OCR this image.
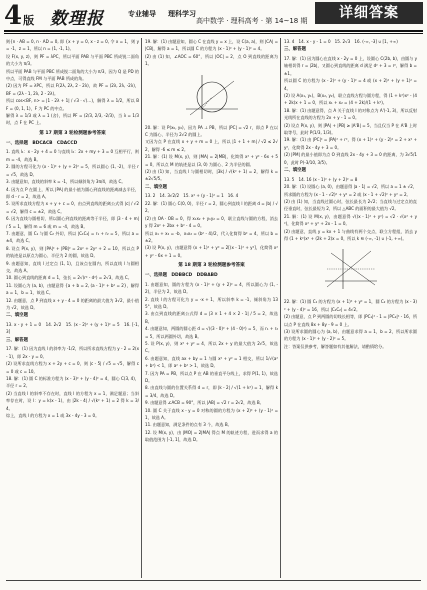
4版 数理报	专业辅导 理科学习
高中数学 · 理科高考 · 第 14~18 期	详细答案
则{n · AB = 0, n · AD = 0, 即 {x + y = 0, x - z = 0, 令 x = 1，则 y = -1，z = 1，所以 n = (1, -1, 1)。
设 F(x, y, z)，则 PF = λPC，所以平面 PAB 与平面 PBC 所成锐二面角的大小为 π/3。
所以平面 PAB 与平面 PBC 所成锐二面角的大小为 π/3，因为 Q 是 PD 的中点，可得直线 FM 与平面 PAB 所成的角。
(2) 因为 PF = λPC，所以 F(2λ, 2λ, 2 - 2λ)，故 PF = (2λ, 2λ, -2λ)，BF = (2λ - 1, 2λ, 2 - 2λ)。
所以 cos<BF, n> = |1 - 2λ + 1| / √3 · √(…)，解得 λ = 1/2，所以 BF = (0, 1, 1)，F 为 PC 的中点。
解得 λ = 1/3 或 λ = 1 (舍)，所以 PF = (2/3, 2/3, -2/3)，当 λ = 1/3 时，点 F 在 PC 上。
第 17 期第 3 轮检测题参考答案
一、选择题　BDCACB　CDACCD
1. 直线 l₁：x - 2y + 4 = 0 与直线 l₂：2x + my + 3 = 0 互相平行，则 m = -4，故选 B。
2. 圆的方程可化为 (x - 1)² + (y + 2)² = 5，所以圆心 (1, -2)，半径 r = √5，故选 D。
3. 由题意知，直线的斜率 k = -1，所以倾斜角为 3π/4，故选 C。
4. 因为点 P 在圆上，所以 |PA| 的最小值为圆心到直线的距离减去半径，即 d - r = 2，故选 A。
5. 设所求直线方程为 x + y + c = 0，由点到直线的距离公式得 |c| / √2 = √2，解得 c = ±2，故选 C。
6. 因为直线与圆相切，所以圆心到直线的距离等于半径，即 |3 - 4 + m| / 5 = 1，解得 m = 6 或 m = -4，故选 B。
7. 由题意，圆 C₁ 与圆 C₂ 外切，所以 |C₁C₂| = r₁ + r₂ = 5，所以 a = ±4，故选 C。
8. 设点 P(x, y)，则 |PA|² + |PB|² = 2x² + 2y² + 2 = 10，所以点 P 的轨迹是以原点为圆心、半径为 2 的圆，故选 D。
9. 由题意知，直线 l 过定点 (1, 1)，且该点在圆内，所以直线 l 与圆相交，故选 A。
10. 圆心到直线的距离 d = 1，弦长 = 2√(r² - d²) = 2√3，故选 C。
11. 设圆心为 (a, b)，由题意得 {a + b = 2, (a - 1)² + b² = 2}，解得 a = 1，b = 1，故选 C。
12. 由题意，点 P 到直线 x + y - 4 = 0 的距离的最大值为 3√2，最小值为 √2，故选 D。
二、填空题
13. x - y + 1 = 0　14. 2√2　15. (x - 2)² + (y + 1)² = 5　16. [-1, 3]
三、解答题
17. 解：(1) 因为直线 l 的斜率为 -1/2，所以所求直线方程为 y - 2 = 2(x - 1)，即 2x - y = 0。
(2) 设所求直线方程为 x + 2y + c = 0，则 |c - 5| / √5 = √5，解得 c = 0 或 c = 10。
18. 解：(1) 圆 C 的标准方程为 (x - 3)² + (y - 4)² = 4，圆心 C(3, 4)，半径 r = 2。
(2) 当直线 l 的斜率不存在时，直线 l 的方程为 x = 1，满足题意；当斜率存在时，设 l：y = k(x - 1)，由 |2k - 4| / √(k² + 1) = 2 得 k = 3/4。
综上，直线 l 的方程为 x = 1 或 3x - 4y - 3 = 0。
19. 解：(1) 由题意知，圆心 C 在直线 y = x 上，设 C(a, a)，则 |CA| = |CB|，解得 a = 1，所以圆 C 的方程为 (x - 1)² + (y - 1)² = 4。
(2) 由 (1) 知，∠AOC = 60°，所以 |OC| = 2，点 O 到直线的距离为 1。
20. 解：设 P(x₀, y₀)，因为 PA ⊥ PB，所以 |PC| = √2 r，即点 P 在以 C 为圆心、半径为 2√2 的圆上。
又因为点 P 在直线 x + y + m = 0 上，所以 |1 + 1 + m| / √2 ≤ 2√2，解得 -6 ≤ m ≤ 2。
21. 解：(1) 设 M(x, y)，则 |MA| = 2|MB|，化简得 x² + y² - 6x + 5 = 0，所以点 M 的轨迹是以 (3, 0) 为圆心、2 为半径的圆。
(2) 由 (1) 知，当直线 l 与圆相切时，|3k| / √(k² + 1) = 2，解得 k = ±2√5/5。
二、填空题
13. 2　14. 3√2/2　15. x² + (y - 1)² = 1　16. 4
22. 解：(1) 圆心 C(0, 0)，半径 r = 2，圆心到直线 l 的距离 d = |b| / √2。
(2) 由 OA · OB = 0，得 x₁x₂ + y₁y₂ = 0，联立直线与圆的方程，消去 y 得 2x² + 2bx + b² - 4 = 0。
所以 x₁ + x₂ = -b，x₁x₂ = (b² - 4)/2，代入化简得 b² = 4，所以 b = ±2。
(3) 设 P(x, y)，由题意得 (x + 1)² + y² = 2[(x - 1)² + y²]，化简得 x² + y² - 6x + 1 = 0。
第 18 期第 3 轮检测题参考答案
一、选择题　DDBBCD　DDBABD
1. 由题意知，圆的方程为 (x - 1)² + (y + 2)² = 4，所以圆心为 (1, -2)，半径为 2，故选 D。
2. 直线 l 的方程可化为 y = -x + 1，所以斜率 k = -1，倾斜角为 135°，故选 D。
3. 由点到直线的距离公式得 d = |3 × 1 + 4 × 2 - 1| / 5 = 2，故选 B。
4. 由题意知，两圆的圆心距 d = √((3 - 0)² + (4 - 0)²) = 5，而 r₁ + r₂ = 5，所以两圆外切，故选 B。
5. 设 P(x, y)，则 x² + y² = 4，所以 2x + y 的最大值为 2√5，故选 C。
6. 由题意知，直线 ax + by = 1 与圆 x² + y² = 1 相交，所以 1/√(a² + b²) < 1，即 a² + b² > 1，故选 D。
7. 因为 PA = PB，所以点 P 在 AB 的垂直平分线上，求得 P(1, 1)，故选 D。
8. 由直线与圆的位置关系得 d = r，即 |k - 2| / √(1 + k²) = 1，解得 k = 3/4，故选 D。
9. 由题意得 ∠ACB = 90°，所以 |AB| = √2 r = 2√2，故选 B。
10. 圆 C 关于直线 x - y = 0 对称的圆的方程为 (x + 2)² + (y - 1)² = 1，故选 A。
11. 由题意知，满足条件的点有 3 个，故选 B。
12. 设 M(x, y)，由 |MO| = 2|MA| 得点 M 的轨迹方程，进而求得 a 的取值范围为 [-1, 1]，故选 D。
13. 4　14. x - y - 1 = 0　15. 2√3　16. (-∞, -3] ∪ [1, +∞)
三、解答题
17. 解：(1) 因为圆心在直线 x - 2y = 0 上，设圆心 C(2b, b)，由圆与 y 轴相切得 r = |2b|，又圆心到直线的距离 d 满足 d² + 3 = r²，解得 b = ±1。
所以圆 C 的方程为 (x - 2)² + (y - 1)² = 4 或 (x + 2)² + (y + 1)² = 4。
(2) 设 A(x₁, y₁)，B(x₂, y₂)，联立直线方程与圆方程，得 (1 + k²)x² - (4 + 2k)x + 1 = 0，所以 x₁ + x₂ = (4 + 2k)/(1 + k²)。
18. 解：(1) 由题意得，点 A 关于直线 l 的对称点为 A'(-1, 3)，所以反射光线所在直线的方程为 2x + y - 1 = 0。
(2) 设点 P(x, y)，则 |PA| + |PB| ≥ |A'B| = 5，当且仅当 P 在 A'B 上时取等号，此时 P(1/3, 1/3)。
19. 解：(1) 由 |PC|² = |PA|² + r²，得 (x + 1)² + (y - 2)² = 2 + x² + y²，化简得 2x - 4y + 3 = 0。
(2) |PM| 的最小值即为点 O 到直线 2x - 4y + 3 = 0 的距离，为 3√5/10，此时 P(-3/10, 3/5)。
二、填空题
13. 5　14. 16 (x - 1)² + (y + 2)² = 8
20. 解：(1) 设圆心 (a, 0)，由题意得 |a - 1| = √2，所以 a = 1 ± √2，所求圆的方程为 (x - 1 - √2)² + y² = 2 或 (x - 1 + √2)² + y² = 2。
(2) 由 (1) 知，当直线过圆心时，弦长最长为 2√2；当直线与过定点的直径垂直时，弦长最短为 2，所以 △ABC 的面积的最大值为 √2。
21. 解：(1) 设 M(x, y)，由题意得 √((x - 1)² + y²) = √2 · √(x² + y²)，化简得 x² + y² + 2x - 1 = 0。
(2) 由题意，直线 y = kx + 1 与曲线有两个交点，联立方程组，消去 y 得 (1 + k²)x² + (2k + 2)x = 0，所以 k ∈ (-∞, -1) ∪ (-1, +∞)。
22. 解：(1) 圆 C₁ 的方程为 (x + 1)² + y² = 1，圆 C₂ 的方程为 (x - 3)² + (y - 4)² = 16，所以 |C₁C₂| = 4√2。
(2) 由题意，点 P 到两圆的切线长相等，即 |PC₁|² - 1 = |PC₂|² - 16，所以点 P 在直线 8x + 8y - 9 = 0 上。
(3) 设所求圆的圆心为 (a, b)，由题意求得 a = 1，b = 2，所以所求圆的方程为 (x - 1)² + (y - 2)² = 5。
注：答案仅供参考，解答题如有其他解法，请酌情给分。
